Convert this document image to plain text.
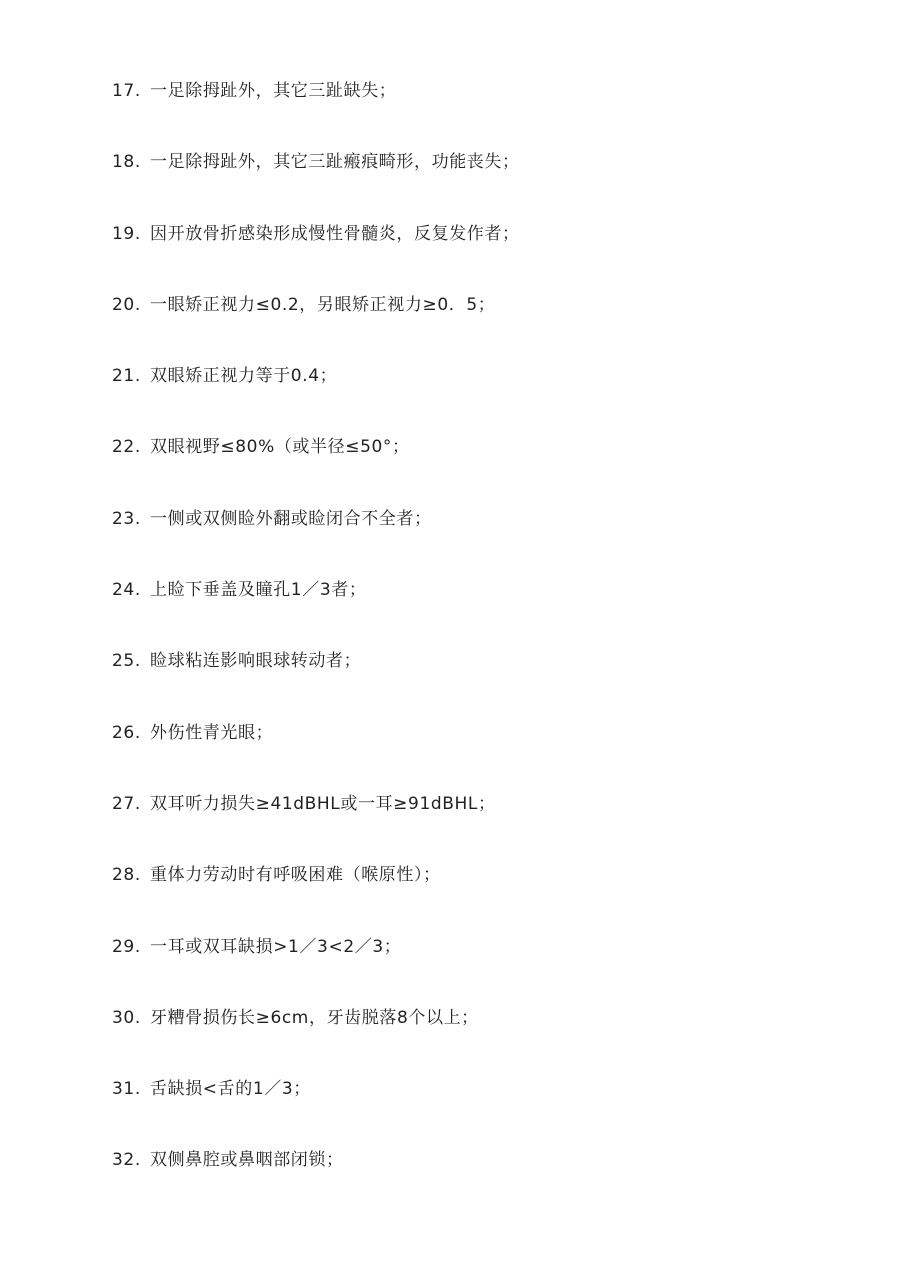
17. 一足除拇趾外，其它三趾缺失；
18. 一足除拇趾外，其它三趾瘢痕畸形，功能丧失；
19. 因开放骨折感染形成慢性骨髓炎，反复发作者；
20. 一眼矫正视力≤0.2，另眼矫正视力≥0．5；
21. 双眼矫正视力等于0.4；
22. 双眼视野≤80%（或半径≤50°；
23. 一侧或双侧睑外翻或睑闭合不全者；
24. 上睑下垂盖及瞳孔1／3者；
25. 睑球粘连影响眼球转动者；
26. 外伤性青光眼；
27. 双耳听力损失≥41dBHL或一耳≥91dBHL；
28. 重体力劳动时有呼吸困难（喉原性）；
29. 一耳或双耳缺损>1／3<2／3；
30. 牙糟骨损伤长≥6cm，牙齿脱落8个以上；
31. 舌缺损<舌的1／3；
32. 双侧鼻腔或鼻咽部闭锁；
